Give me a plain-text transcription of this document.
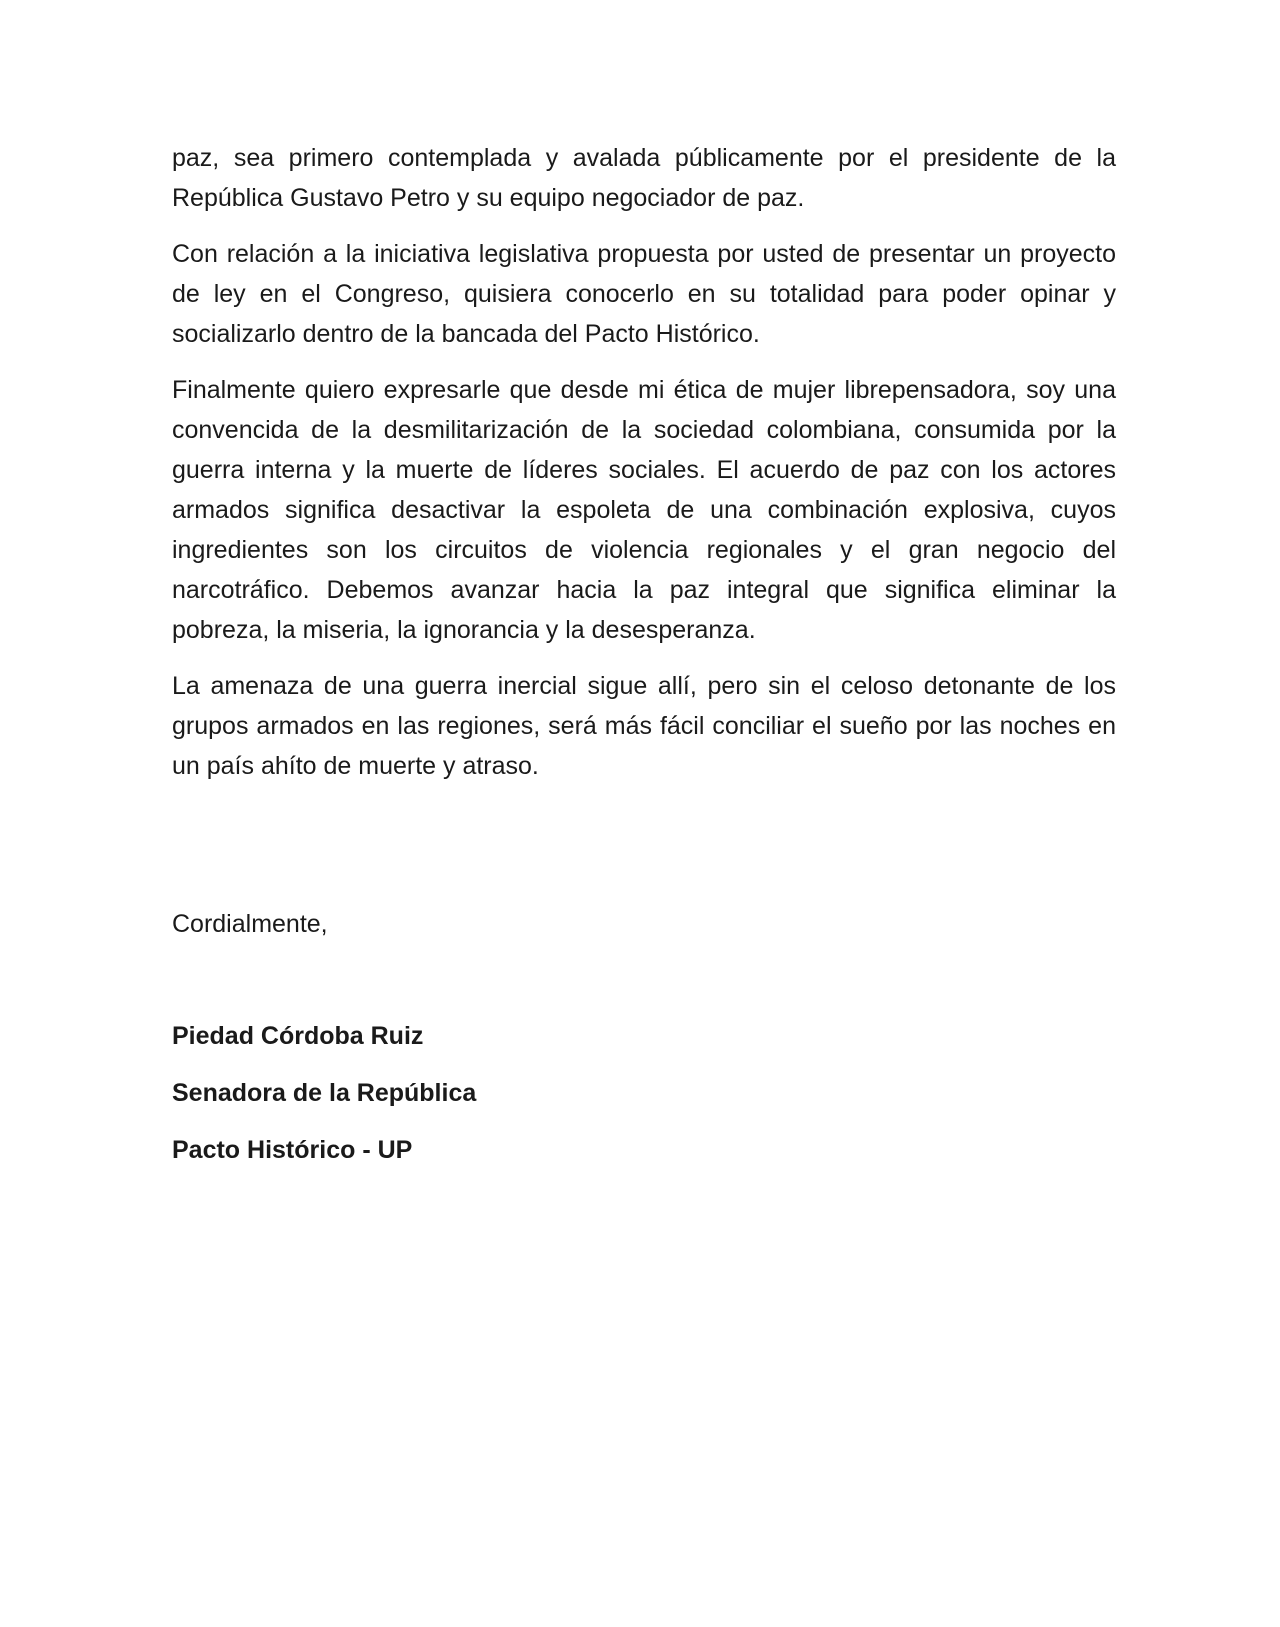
paz, sea primero contemplada y avalada públicamente por el presidente de la República Gustavo Petro y su equipo negociador de paz.

Con relación a la iniciativa legislativa propuesta por usted de presentar un proyecto de ley en el Congreso, quisiera conocerlo en su totalidad para poder opinar y socializarlo dentro de la bancada del Pacto Histórico.

Finalmente quiero expresarle que desde mi ética de mujer librepensadora, soy una convencida de la desmilitarización de la sociedad colombiana, consumida por la guerra interna y la muerte de líderes sociales. El acuerdo de paz con los actores armados significa desactivar la espoleta de una combinación explosiva, cuyos ingredientes son los circuitos de violencia regionales y el gran negocio del narcotráfico. Debemos avanzar hacia la paz integral que significa eliminar la pobreza, la miseria, la ignorancia y la desesperanza.

La amenaza de una guerra inercial sigue allí, pero sin el celoso detonante de los grupos armados en las regiones, será más fácil conciliar el sueño por las noches en un país ahíto de muerte y atraso.

Cordialmente,

Piedad Córdoba Ruiz
Senadora de la República
Pacto Histórico - UP
